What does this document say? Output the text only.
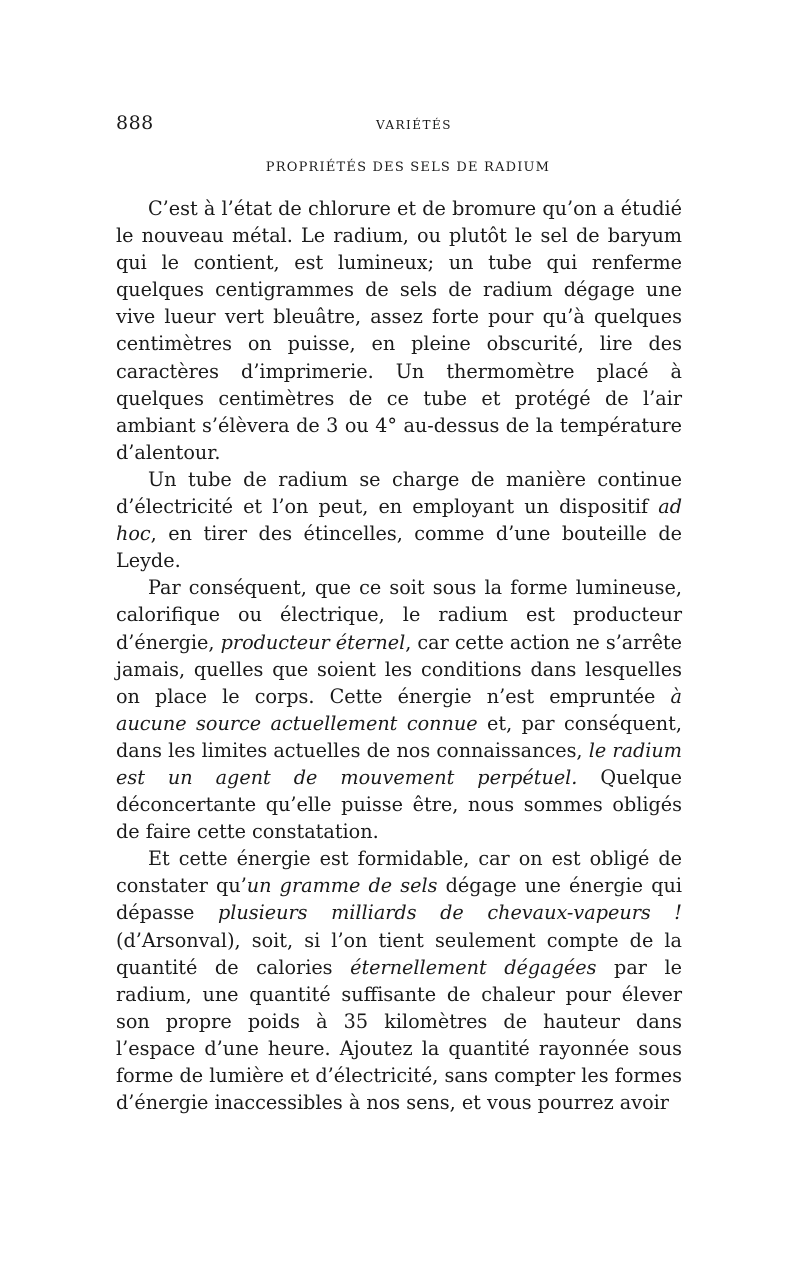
888	VARIÉTÉS
PROPRIÉTÉS DES SELS DE RADIUM

C’est à l’état de chlorure et de bromure qu’on a étudié le nouveau métal. Le radium, ou plutôt le sel de baryum qui le contient, est lumineux; un tube qui renferme quelques centigrammes de sels de radium dégage une vive lueur vert bleuâtre, assez forte pour qu’à quelques centimètres on puisse, en pleine obscurité, lire des caractères d’imprimerie. Un thermomètre placé à quelques centimètres de ce tube et protégé de l’air ambiant s’élèvera de 3 ou 4° au-dessus de la température d’alentour.

Un tube de radium se charge de manière continue d’électricité et l’on peut, en employant un dispositif ad hoc, en tirer des étincelles, comme d’une bouteille de Leyde.

Par conséquent, que ce soit sous la forme lumineuse, calorifique ou électrique, le radium est producteur d’énergie, producteur éternel, car cette action ne s’arrête jamais, quelles que soient les conditions dans lesquelles on place le corps. Cette énergie n’est empruntée à aucune source actuellement connue et, par conséquent, dans les limites actuelles de nos connaissances, le radium est un agent de mouvement perpétuel. Quelque déconcertante qu’elle puisse être, nous sommes obligés de faire cette constatation.

Et cette énergie est formidable, car on est obligé de constater qu’un gramme de sels dégage une énergie qui dépasse plusieurs milliards de chevaux-vapeurs ! (d’Arsonval), soit, si l’on tient seulement compte de la quantité de calories éternellement dégagées par le radium, une quantité suffisante de chaleur pour élever son propre poids à 35 kilomètres de hauteur dans l’espace d’une heure. Ajoutez la quantité rayonnée sous forme de lumière et d’électricité, sans compter les formes d’énergie inaccessibles à nos sens, et vous pourrez avoir
